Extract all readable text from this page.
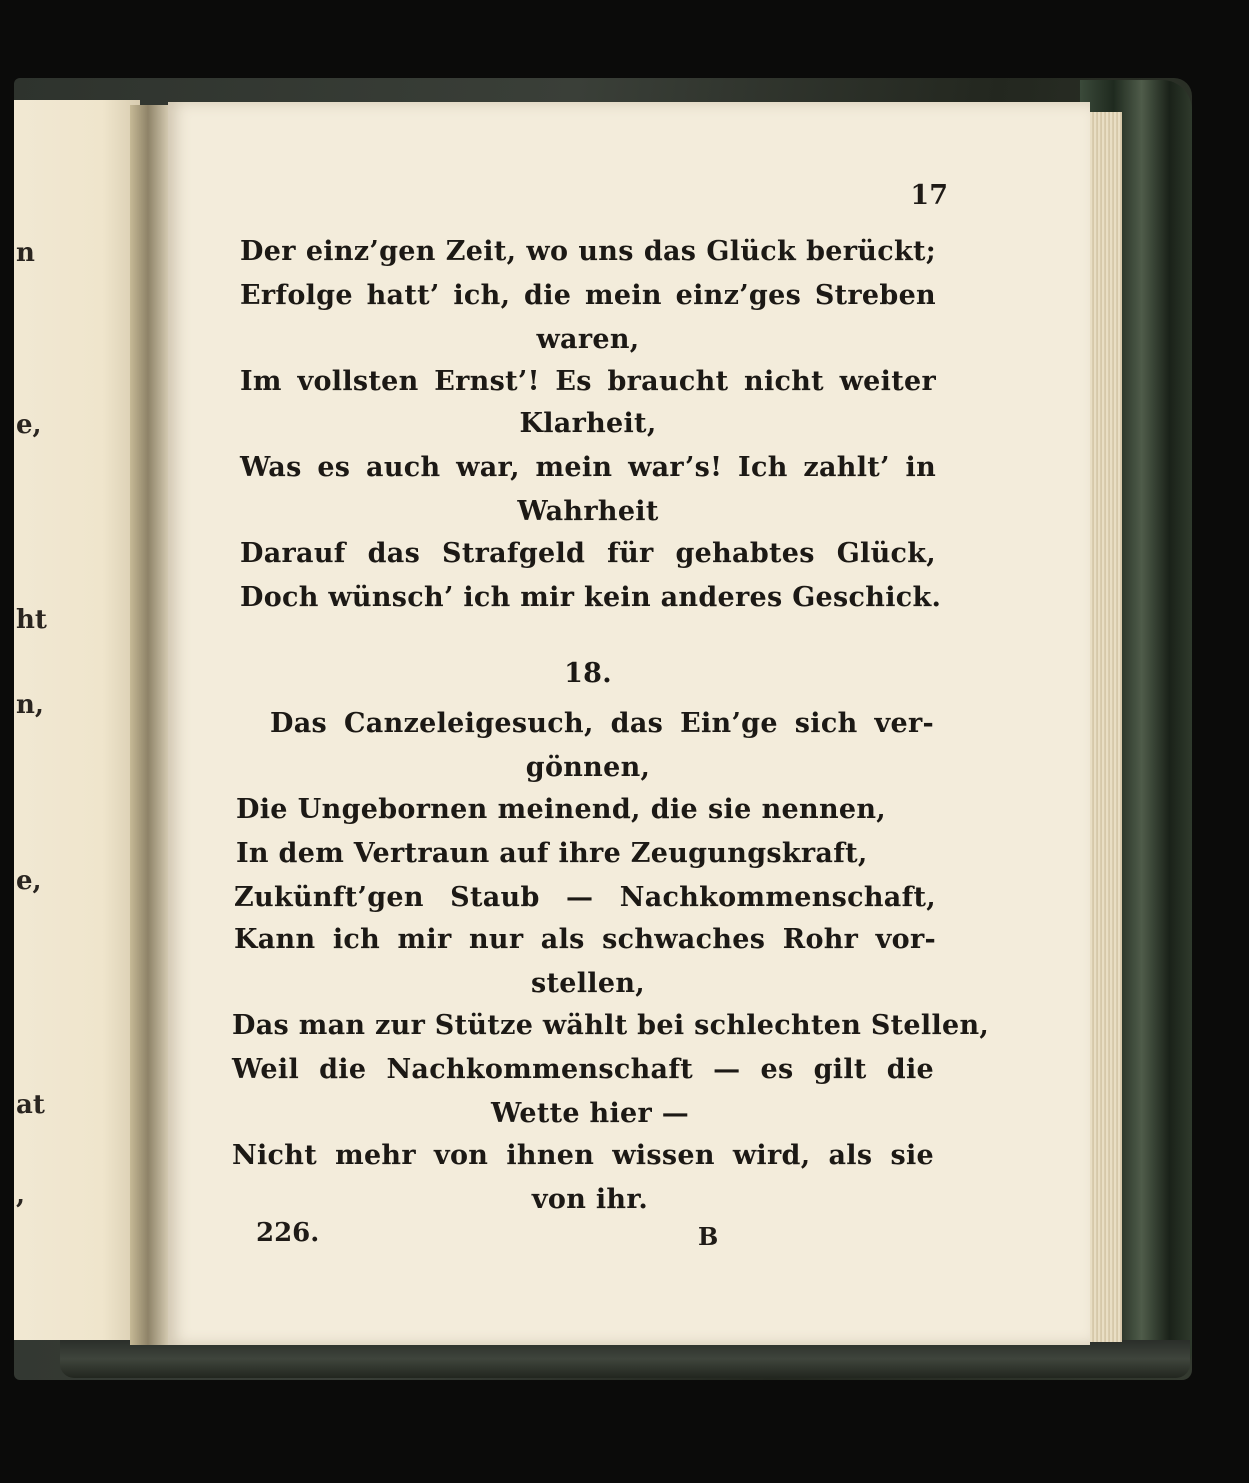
n
e,
ht
n,
e,
at
,
17
Der einz’gen Zeit, wo uns das Glück berückt;
Erfolge hatt’ ich, die mein einz’ges Streben
waren,
Im vollsten Ernst’! Es braucht nicht weiter
Klarheit,
Was es auch war, mein war’s! Ich zahlt’ in
Wahrheit
Darauf das Strafgeld für gehabtes Glück,
Doch wünsch’ ich mir kein anderes Geschick.
18.
Das Canzeleigesuch, das Ein’ge sich ver-
gönnen,
Die Ungebornen meinend, die sie nennen,
In dem Vertraun auf ihre Zeugungskraft,
Zukünft’gen Staub — Nachkommenschaft,
Kann ich mir nur als schwaches Rohr vor-
stellen,
Das man zur Stütze wählt bei schlechten Stellen,
Weil die Nachkommenschaft — es gilt die
Wette hier —
Nicht mehr von ihnen wissen wird, als sie
von ihr.
226.	B
